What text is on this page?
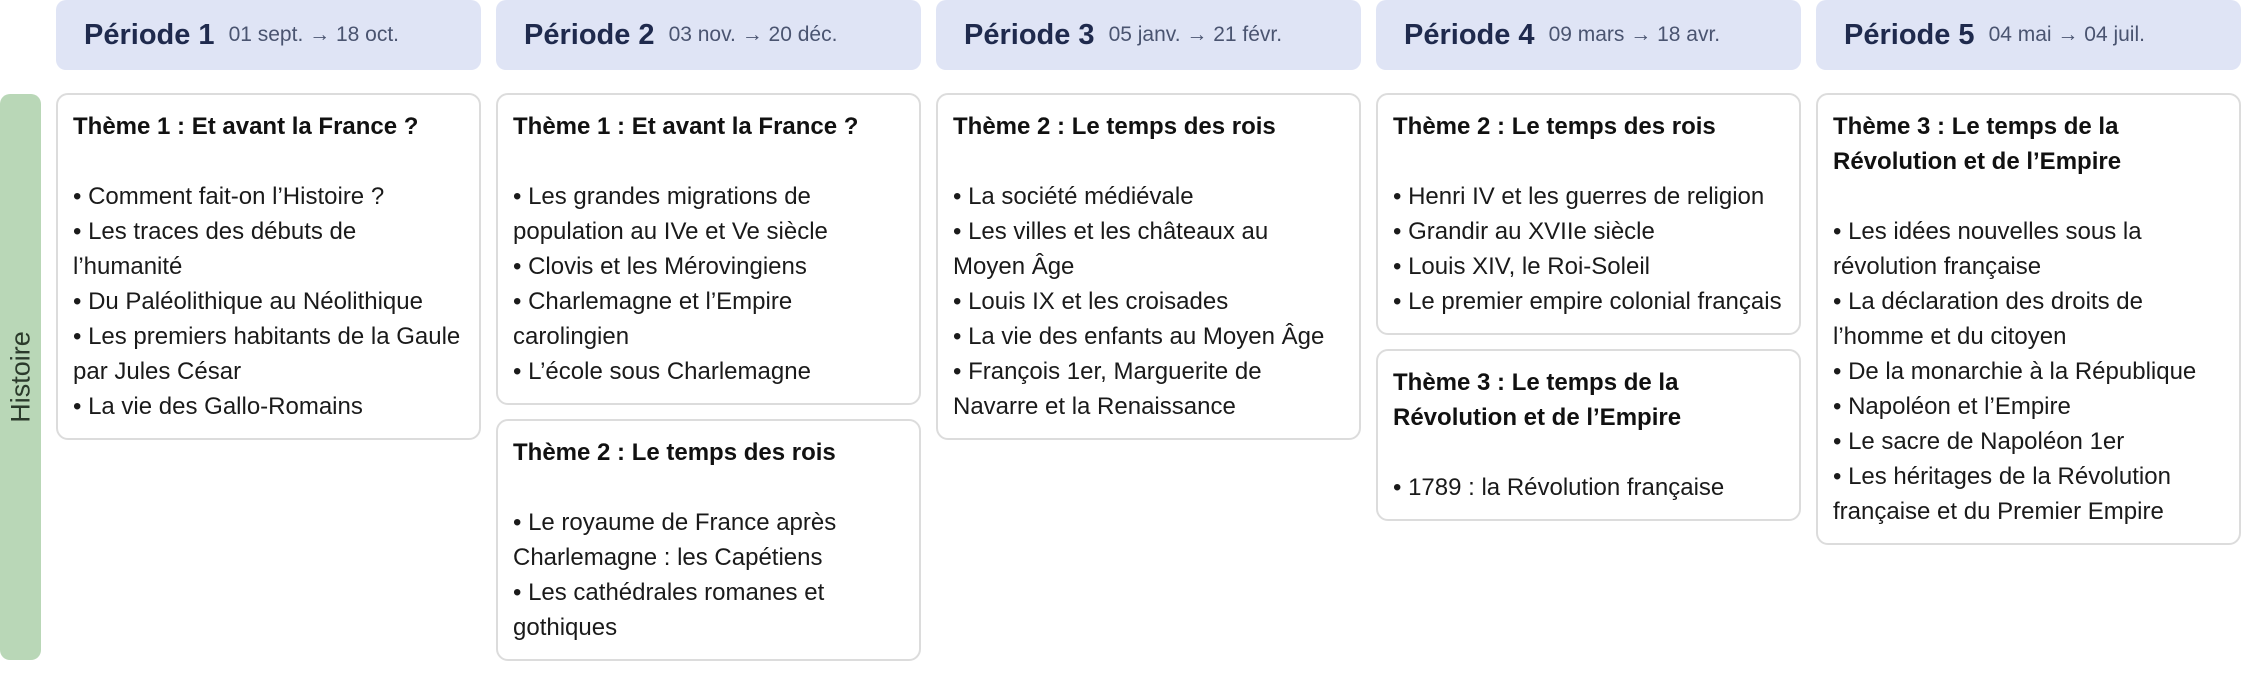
Histoire
Période 1 01 sept. → 18 oct.
Thème 1 : Et avant la France ?
• Comment fait-on l’Histoire ?
• Les traces des débuts de l’humanité
• Du Paléolithique au Néolithique
• Les premiers habitants de la Gaule par Jules César
• La vie des Gallo-Romains
Période 2 03 nov. → 20 déc.
Thème 1 : Et avant la France ?
• Les grandes migrations de population au IVe et Ve siècle
• Clovis et les Mérovingiens
• Charlemagne et l’Empire carolingien
• L’école sous Charlemagne
Thème 2 : Le temps des rois
• Le royaume de France après Charlemagne : les Capétiens
• Les cathédrales romanes et gothiques
Période 3 05 janv. → 21 févr.
Thème 2 : Le temps des rois
• La société médiévale
• Les villes et les châteaux au Moyen Âge
• Louis IX et les croisades
• La vie des enfants au Moyen Âge
• François 1er, Marguerite de Navarre et la Renaissance
Période 4 09 mars → 18 avr.
Thème 2 : Le temps des rois
• Henri IV et les guerres de religion
• Grandir au XVIIe siècle
• Louis XIV, le Roi-Soleil
• Le premier empire colonial français
Thème 3 : Le temps de la Révolution et de l’Empire
• 1789 : la Révolution française
Période 5 04 mai → 04 juil.
Thème 3 : Le temps de la Révolution et de l’Empire
• Les idées nouvelles sous la révolution française
• La déclaration des droits de l’homme et du citoyen
• De la monarchie à la République
• Napoléon et l’Empire
• Le sacre de Napoléon 1er
• Les héritages de la Révolution française et du Premier Empire
